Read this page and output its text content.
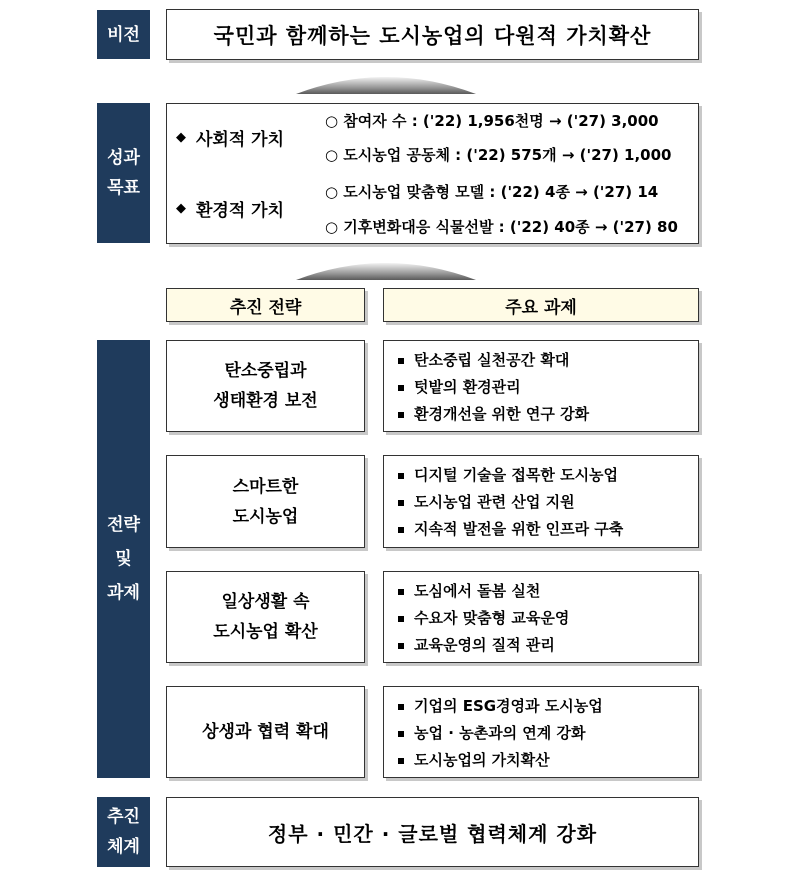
비전	국민과 함께하는 도시농업의 다원적 가치확산
성과
목표
◆ 사회적 가치
○ 참여자 수 : ('22) 1,956천명 → ('27) 3,000
○ 도시농업 공동체 : ('22) 575개 → ('27) 1,000
◆ 환경적 가치
○ 도시농업 맞춤형 모델 : ('22) 4종 → ('27) 14
○ 기후변화대응 식물선발 : ('22) 40종 → ('27) 80
추진 전략	주요 과제
전략
및
과제
탄소중립과
생태환경 보전
탄소중립 실천공간 확대
텃밭의 환경관리
환경개선을 위한 연구 강화
스마트한
도시농업
디지털 기술을 접목한 도시농업
도시농업 관련 산업 지원
지속적 발전을 위한 인프라 구축
일상생활 속
도시농업 확산
도심에서 돌봄 실천
수요자 맞춤형 교육운영
교육운영의 질적 관리
상생과 협력 확대
기업의 ESG경영과 도시농업
농업 · 농촌과의 연계 강화
도시농업의 가치확산
추진
체계
정부 · 민간 · 글로벌 협력체계 강화
